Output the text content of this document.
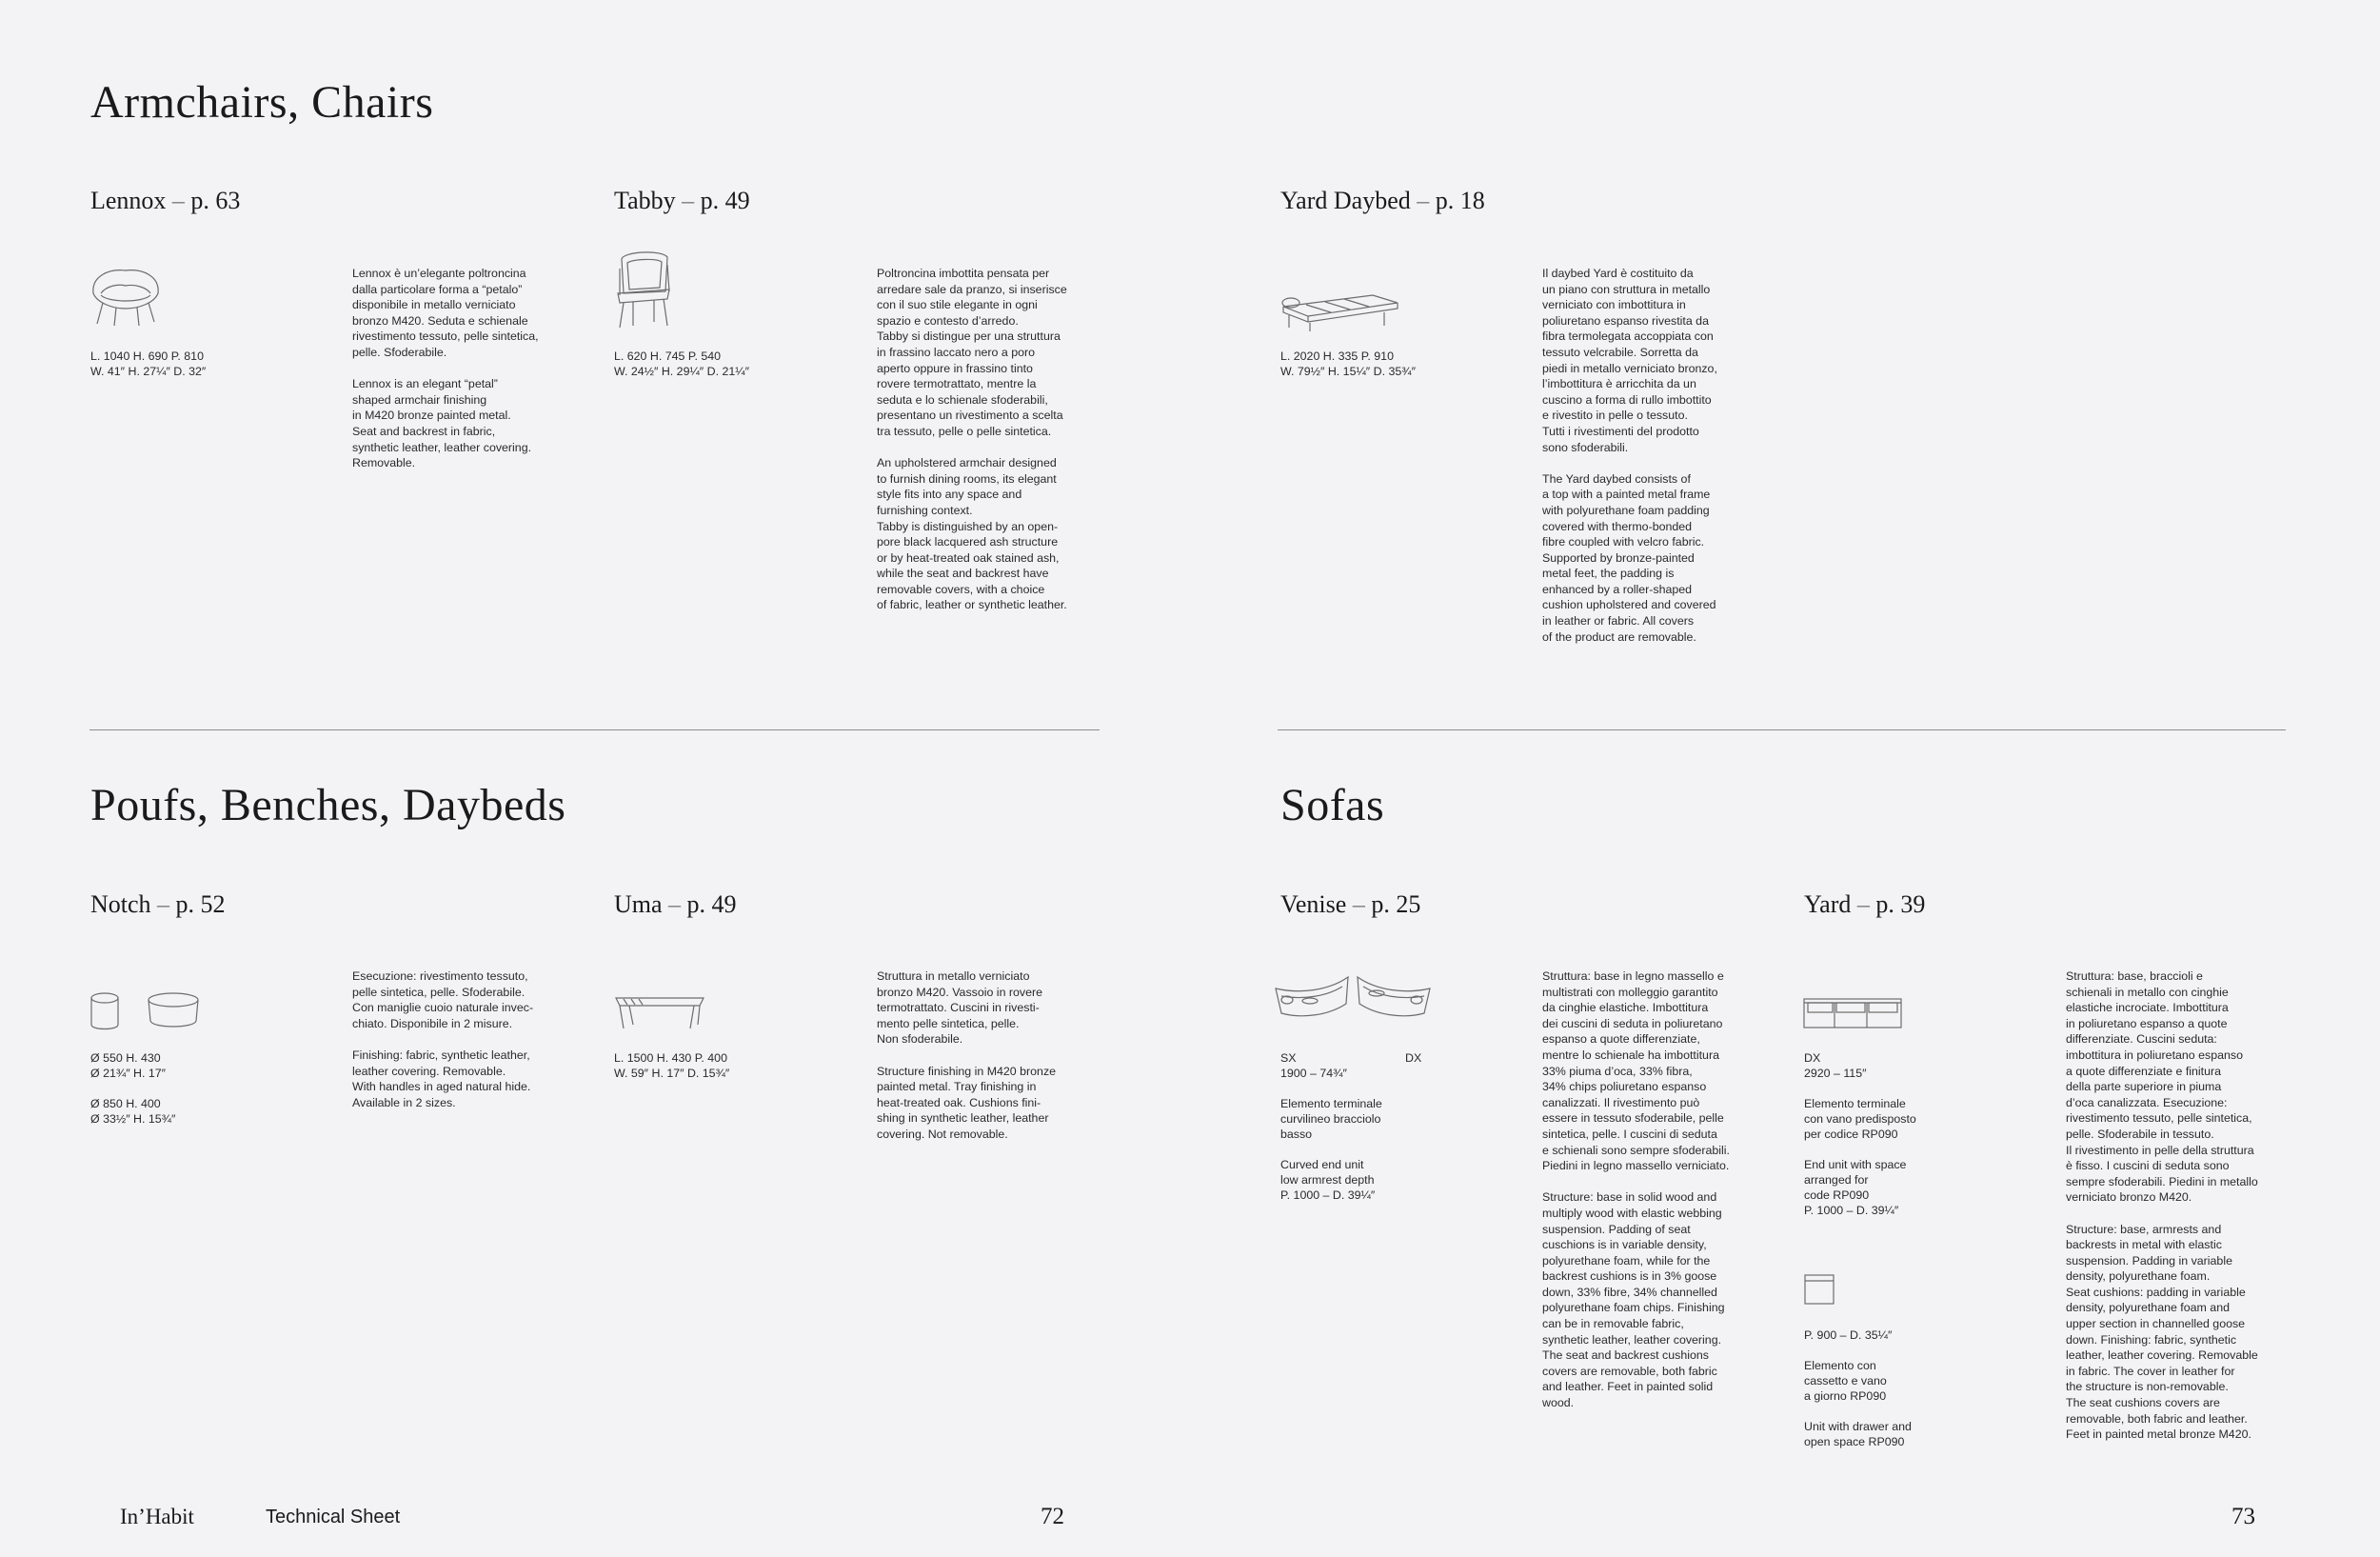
Armchairs, Chairs
Poufs, Benches, Daybeds	Sofas
Lennox – p. 63
L. 1040 H. 690 P. 810
W. 41″ H. 27¼″ D. 32″
Lennox è un’elegante poltroncina
dalla particolare forma a “petalo”
disponibile in metallo verniciato
bronzo M420. Seduta e schienale
rivestimento tessuto, pelle sintetica,
pelle. Sfoderabile.

Lennox is an elegant “petal”
shaped armchair finishing
in M420 bronze painted metal.
Seat and backrest in fabric,
synthetic leather, leather covering.
Removable.
Tabby – p. 49
L. 620 H. 745 P. 540
W. 24½″ H. 29¼″ D. 21¼″
Poltroncina imbottita pensata per
arredare sale da pranzo, si inserisce
con il suo stile elegante in ogni
spazio e contesto d’arredo.
Tabby si distingue per una struttura
in frassino laccato nero a poro
aperto oppure in frassino tinto
rovere termotrattato, mentre la
seduta e lo schienale sfoderabili,
presentano un rivestimento a scelta
tra tessuto, pelle o pelle sintetica.

An upholstered armchair designed
to furnish dining rooms, its elegant
style fits into any space and
furnishing context.
Tabby is distinguished by an open-
pore black lacquered ash structure
or by heat-treated oak stained ash,
while the seat and backrest have
removable covers, with a choice
of fabric, leather or synthetic leather.
Yard Daybed – p. 18
L. 2020 H. 335 P. 910
W. 79½″ H. 15¼″ D. 35¾″
Il daybed Yard è costituito da
un piano con struttura in metallo
verniciato con imbottitura in
poliuretano espanso rivestita da
fibra termolegata accoppiata con
tessuto velcrabile. Sorretta da
piedi in metallo verniciato bronzo,
l’imbottitura è arricchita da un
cuscino a forma di rullo imbottito
e rivestito in pelle o tessuto.
Tutti i rivestimenti del prodotto
sono sfoderabili.

The Yard daybed consists of
a top with a painted metal frame
with polyurethane foam padding
covered with thermo-bonded
fibre coupled with velcro fabric.
Supported by bronze-painted
metal feet, the padding is
enhanced by a roller-shaped
cushion upholstered and covered
in leather or fabric. All covers
of the product are removable.
Notch – p. 52
Ø 550 H. 430
Ø 21¾″ H. 17″

Ø 850 H. 400
Ø 33½″ H. 15¾″
Esecuzione: rivestimento tessuto,
pelle sintetica, pelle. Sfoderabile.
Con maniglie cuoio naturale invec-
chiato. Disponibile in 2 misure.

Finishing: fabric, synthetic leather,
leather covering. Removable.
With handles in aged natural hide.
Available in 2 sizes.
Uma – p. 49
L. 1500 H. 430 P. 400
W. 59″ H. 17″ D. 15¾″
Struttura in metallo verniciato
bronzo M420. Vassoio in rovere
termotrattato. Cuscini in rivesti-
mento pelle sintetica, pelle.
Non sfoderabile.

Structure finishing in M420 bronze
painted metal. Tray finishing in
heat-treated oak. Cushions fini-
shing in synthetic leather, leather
covering. Not removable.
Venise – p. 25
SX	DX
1900 – 74¾″

Elemento terminale
curvilineo bracciolo
basso

Curved end unit
low armrest depth
P. 1000 – D. 39¼″
Struttura: base in legno massello e
multistrati con molleggio garantito
da cinghie elastiche. Imbottitura
dei cuscini di seduta in poliuretano
espanso a quote differenziate,
mentre lo schienale ha imbottitura
33% piuma d’oca, 33% fibra,
34% chips poliuretano espanso
canalizzati. Il rivestimento può
essere in tessuto sfoderabile, pelle
sintetica, pelle. I cuscini di seduta
e schienali sono sempre sfoderabili.
Piedini in legno massello verniciato.

Structure: base in solid wood and
multiply wood with elastic webbing
suspension. Padding of seat
cuschions is in variable density,
polyurethane foam, while for the
backrest cushions is in 3% goose
down, 33% fibre, 34% channelled
polyurethane foam chips. Finishing
can be in removable fabric,
synthetic leather, leather covering.
The seat and backrest cushions
covers are removable, both fabric
and leather. Feet in painted solid
wood.
Yard – p. 39
DX
2920 – 115″

Elemento terminale
con vano predisposto
per codice RP090

End unit with space
arranged for
code RP090
P. 1000 – D. 39¼″
P. 900 – D. 35¼″

Elemento con
cassetto e vano
a giorno RP090

Unit with drawer and
open space RP090
Struttura: base, braccioli e
schienali in metallo con cinghie
elastiche incrociate. Imbottitura
in poliuretano espanso a quote
differenziate. Cuscini seduta:
imbottitura in poliuretano espanso
a quote differenziate e finitura
della parte superiore in piuma
d’oca canalizzata. Esecuzione:
rivestimento tessuto, pelle sintetica,
pelle. Sfoderabile in tessuto.
Il rivestimento in pelle della struttura
è fisso. I cuscini di seduta sono
sempre sfoderabili. Piedini in metallo
verniciato bronzo M420.

Structure: base, armrests and
backrests in metal with elastic
suspension. Padding in variable
density, polyurethane foam.
Seat cushions: padding in variable
density, polyurethane foam and
upper section in channelled goose
down. Finishing: fabric, synthetic
leather, leather covering. Removable
in fabric. The cover in leather for
the structure is non-removable.
The seat cushions covers are
removable, both fabric and leather.
Feet in painted metal bronze M420.
In’Habit	Technical Sheet	72	73
